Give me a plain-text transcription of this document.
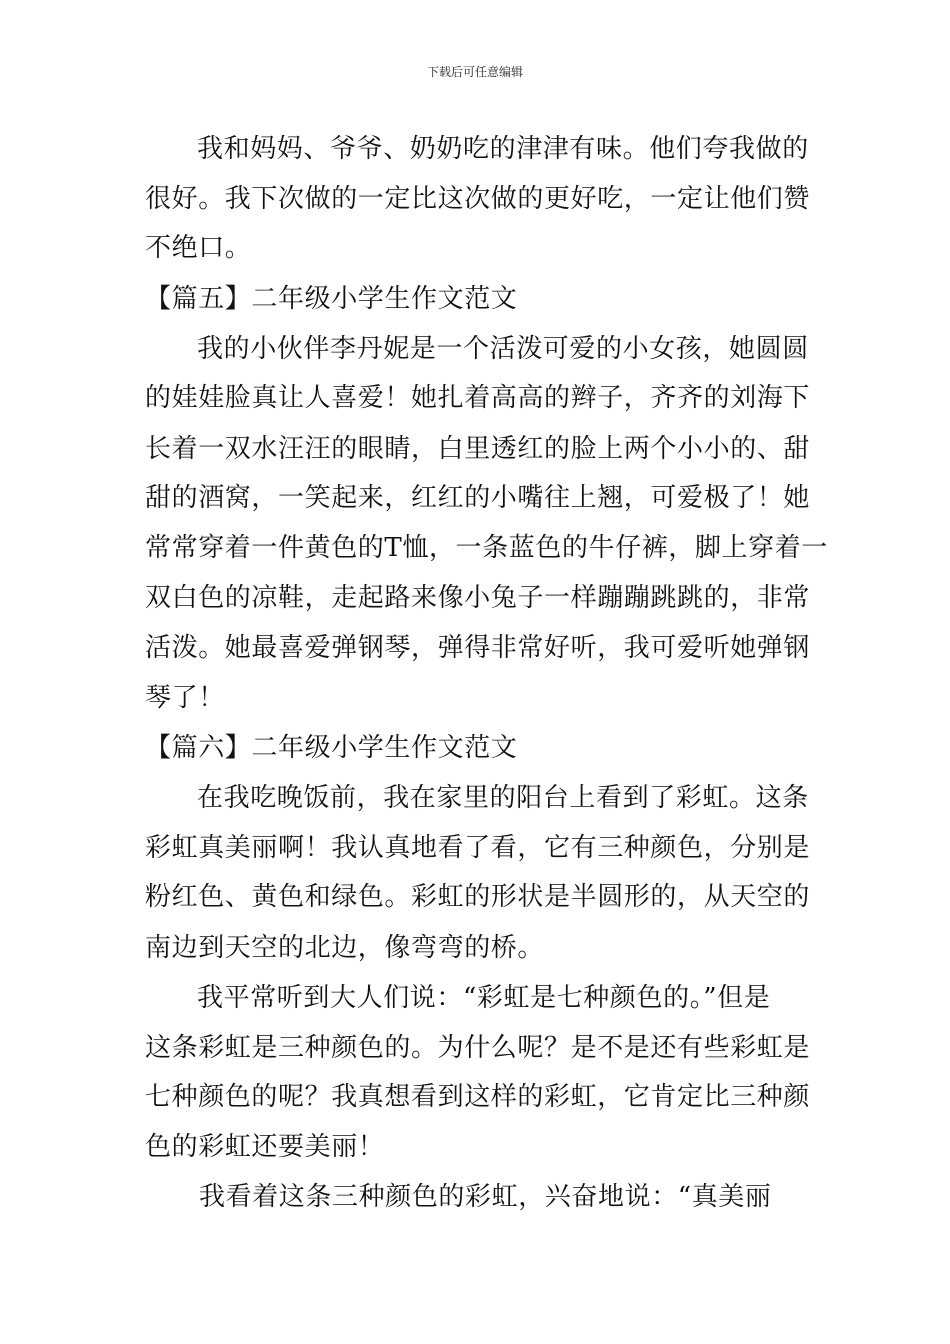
下载后可任意编辑
我和妈妈、爷爷、奶奶吃的津津有味。他们夸我做的
很好。我下次做的一定比这次做的更好吃，一定让他们赞
不绝口。
【篇五】二年级小学生作文范文
我的小伙伴李丹妮是一个活泼可爱的小女孩，她圆圆
的娃娃脸真让人喜爱！她扎着高高的辫子，齐齐的刘海下
长着一双水汪汪的眼睛，白里透红的脸上两个小小的、甜
甜的酒窝，一笑起来，红红的小嘴往上翘，可爱极了！她
常常穿着一件黄色的T恤，一条蓝色的牛仔裤，脚上穿着一
双白色的凉鞋，走起路来像小兔子一样蹦蹦跳跳的，非常
活泼。她最喜爱弹钢琴，弹得非常好听，我可爱听她弹钢
琴了！
【篇六】二年级小学生作文范文
在我吃晚饭前，我在家里的阳台上看到了彩虹。这条
彩虹真美丽啊！我认真地看了看，它有三种颜色，分别是
粉红色、黄色和绿色。彩虹的形状是半圆形的，从天空的
南边到天空的北边，像弯弯的桥。
我平常听到大人们说：“彩虹是七种颜色的。”但是
这条彩虹是三种颜色的。为什么呢？是不是还有些彩虹是
七种颜色的呢？我真想看到这样的彩虹，它肯定比三种颜
色的彩虹还要美丽！
我看着这条三种颜色的彩虹，兴奋地说：“真美丽
